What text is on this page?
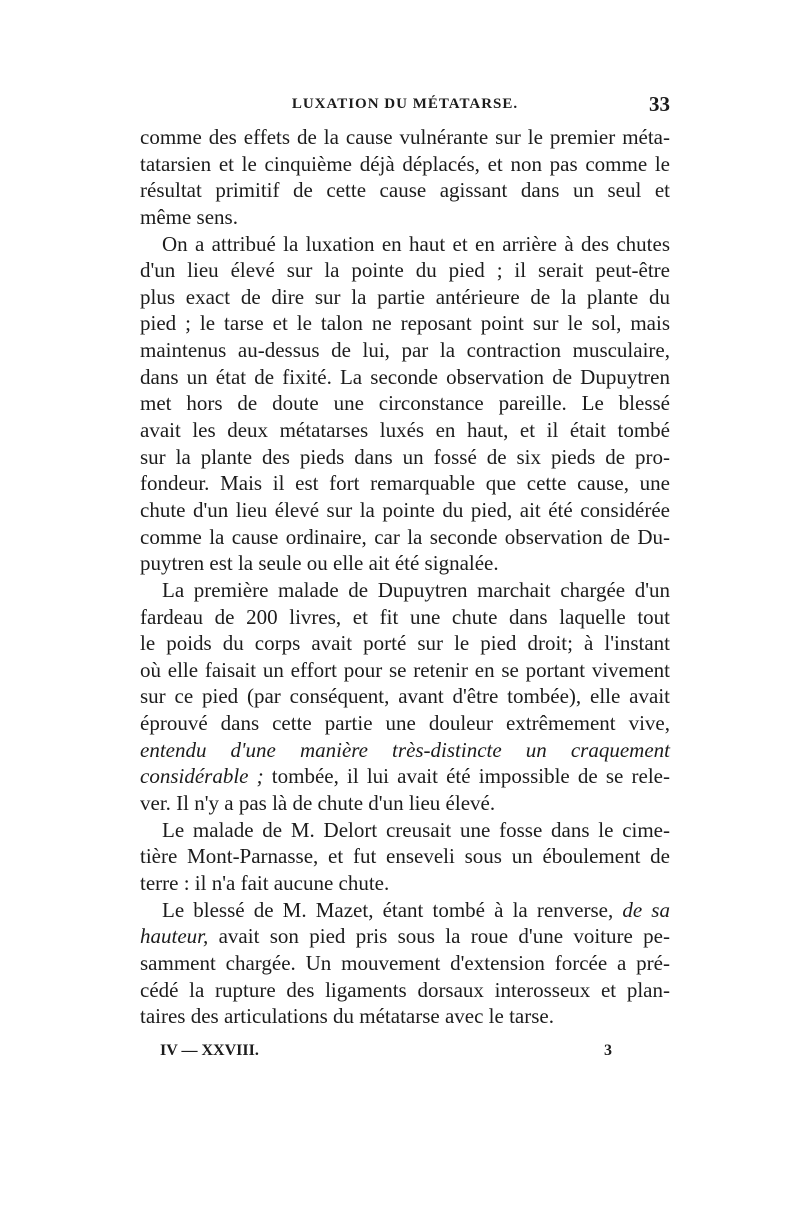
LUXATION DU MÉTATARSE.	33
comme des effets de la cause vulnérante sur le premier méta-
tatarsien et le cinquième déjà déplacés, et non pas comme le
résultat primitif de cette cause agissant dans un seul et
même sens.
On a attribué la luxation en haut et en arrière à des chutes
d'un lieu élevé sur la pointe du pied ; il serait peut-être
plus exact de dire sur la partie antérieure de la plante du
pied ; le tarse et le talon ne reposant point sur le sol, mais
maintenus au-dessus de lui, par la contraction musculaire,
dans un état de fixité. La seconde observation de Dupuytren
met hors de doute une circonstance pareille. Le blessé
avait les deux métatarses luxés en haut, et il était tombé
sur la plante des pieds dans un fossé de six pieds de pro-
fondeur. Mais il est fort remarquable que cette cause, une
chute d'un lieu élevé sur la pointe du pied, ait été considérée
comme la cause ordinaire, car la seconde observation de Du-
puytren est la seule ou elle ait été signalée.
La première malade de Dupuytren marchait chargée d'un
fardeau de 200 livres, et fit une chute dans laquelle tout
le poids du corps avait porté sur le pied droit; à l'instant
où elle faisait un effort pour se retenir en se portant vivement
sur ce pied (par conséquent, avant d'être tombée), elle avait
éprouvé dans cette partie une douleur extrêmement vive,
entendu d'une manière très-distincte un craquement
considérable ; tombée, il lui avait été impossible de se rele-
ver. Il n'y a pas là de chute d'un lieu élevé.
Le malade de M. Delort creusait une fosse dans le cime-
tière Mont-Parnasse, et fut enseveli sous un éboulement de
terre : il n'a fait aucune chute.
Le blessé de M. Mazet, étant tombé à la renverse, de sa
hauteur, avait son pied pris sous la roue d'une voiture pe-
samment chargée. Un mouvement d'extension forcée a pré-
cédé la rupture des ligaments dorsaux interosseux et plan-
taires des articulations du métatarse avec le tarse.
IV — XXVIII.	3
